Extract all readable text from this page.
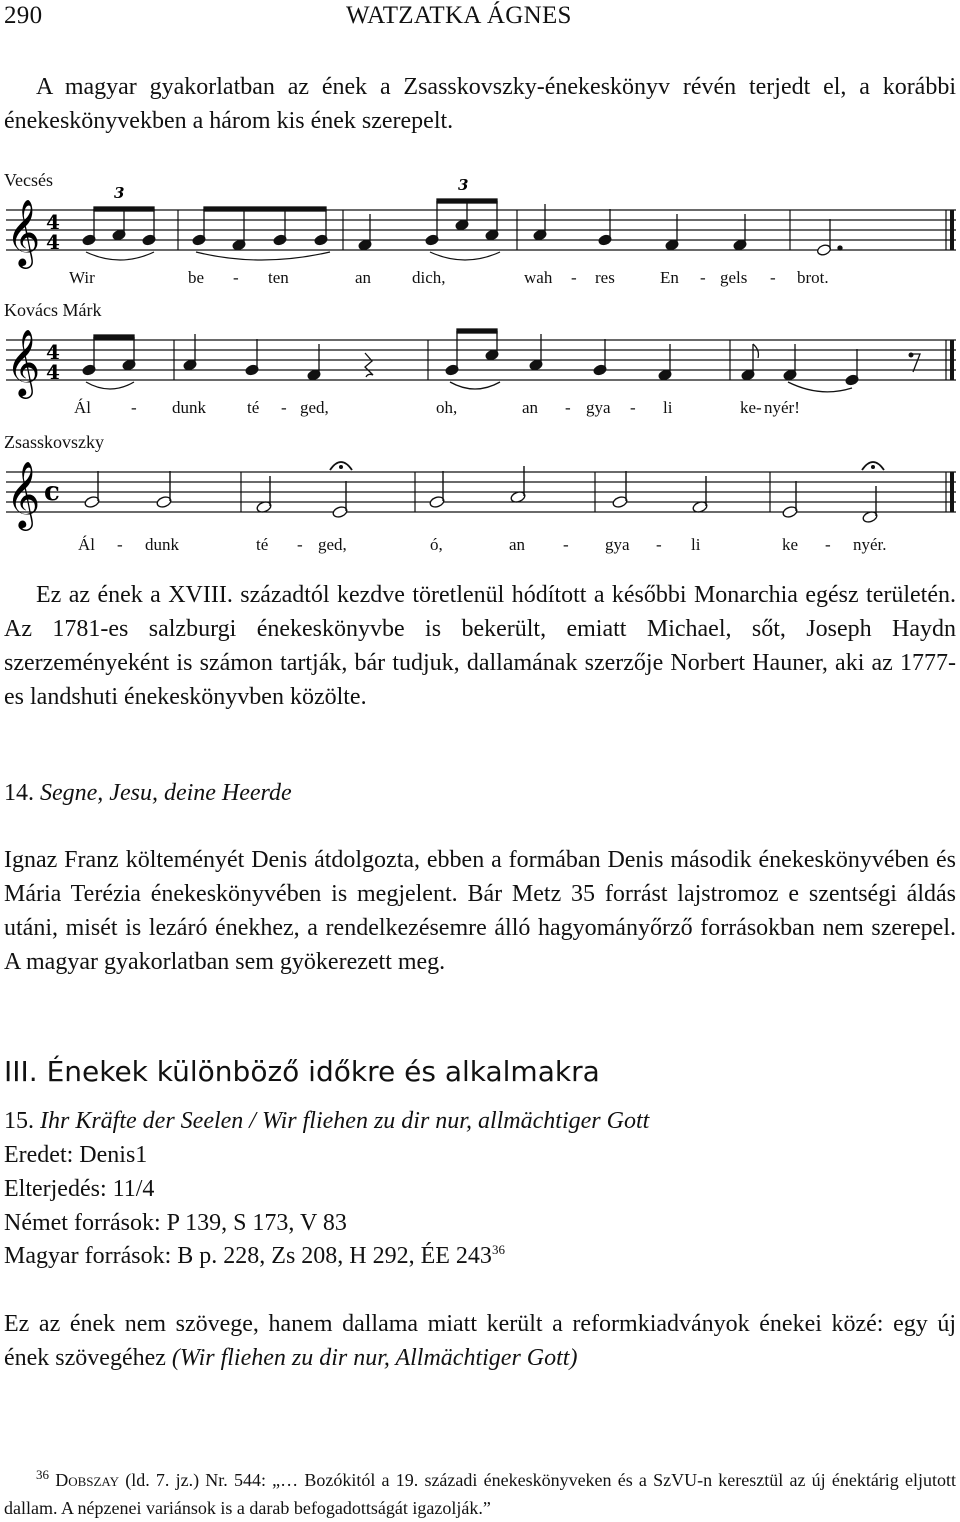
290	WATZATKA ÁGNES

A magyar gyakorlatban az ének a Zsasskovszky-énekeskönyv révén terjedt el, a korábbi énekeskönyvekben a három kis ének szerepelt.

Vecsés
𝄞 4
4
3	3
Wir	be - ten	an dich,	wah - res	En - gels - brot.
Kovács Márk
𝄞 4
4
Ál - dunk té - ged,	oh,	an - gya - li	ke - nyér!
Zsasskovszky
𝄞 c
Ál - dunk	té - ged,	ó,	an - gya - li	ke - nyér.

Ez az ének a XVIII. századtól kezdve töretlenül hódított a későbbi Monarchia egész területén. Az 1781-es salzburgi énekeskönyvbe is bekerült, emiatt Michael, sőt, Joseph Haydn szerzeményeként is számon tartják, bár tudjuk, dallamának szerzője Norbert Hauner, aki az 1777-es landshuti énekeskönyvben közölte.

14. Segne, Jesu, deine Heerde

Ignaz Franz költeményét Denis átdolgozta, ebben a formában Denis második énekeskönyvében és Mária Terézia énekeskönyvében is megjelent. Bár Metz 35 forrást lajstromoz e szentségi áldás utáni, misét is lezáró énekhez, a rendelkezésemre álló hagyományőrző forrásokban nem szerepel. A magyar gyakorlatban sem gyökerezett meg.

III. Énekek különböző időkre és alkalmakra
15. Ihr Kräfte der Seelen / Wir fliehen zu dir nur, allmächtiger Gott
Eredet: Denis1
Elterjedés: 11/4
Német források: P 139, S 173, V 83
Magyar források: B p. 228, Zs 208, H 292, ÉE $243^{36}$

Ez az ének nem szövege, hanem dallama miatt került a reformkiadványok énekei közé: egy új ének szövegéhez (Wir fliehen zu dir nur, Allmächtiger Gott)

$^{36}$ Dobszay (ld. 7. jz.) Nr. 544: „… Bozókitól a 19. századi énekeskönyveken és a SzVU-n keresztül az új énektárig eljutott dallam. A népzenei variánsok is a darab befogadottságát igazolják.”
